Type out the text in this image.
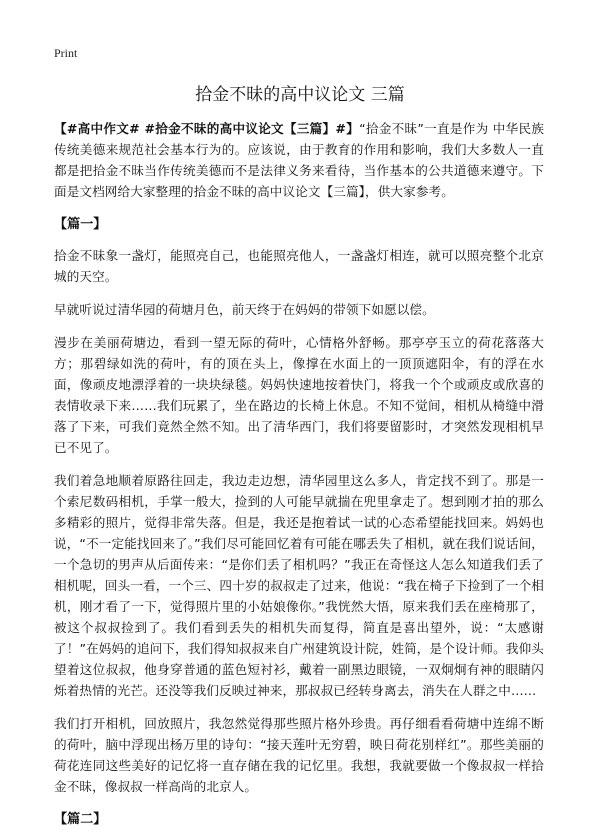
Print
拾金不昧的高中议论文 三篇

【#高中作文# #拾金不昧的高中议论文【三篇】#】“拾金不昧”一直是作为 中华民族传统美德来规范社会基本行为的。应该说，由于教育的作用和影响，我们大多数人一直都是把拾金不昧当作传统美德而不是法律义务来看待，当作基本的公共道德来遵守。下面是文档网给大家整理的拾金不昧的高中议论文【三篇】，供大家参考。

【篇一】

拾金不昧象一盏灯，能照亮自己，也能照亮他人，一盏盏灯相连，就可以照亮整个北京城的天空。

早就听说过清华园的荷塘月色，前天终于在妈妈的带领下如愿以偿。

漫步在美丽荷塘边，看到一望无际的荷叶，心情格外舒畅。那亭亭玉立的荷花落落大方；那碧绿如洗的荷叶，有的顶在头上，像撑在水面上的一顶顶遮阳伞，有的浮在水面，像顽皮地漂浮着的一块块绿毯。妈妈快速地按着快门，将我一个个或顽皮或欣喜的表情收录下来……我们玩累了，坐在路边的长椅上休息。不知不觉间，相机从椅缝中滑落了下来，可我们竟然全然不知。出了清华西门，我们将要留影时，才突然发现相机早已不见了。

我们着急地顺着原路往回走，我边走边想，清华园里这么多人，肯定找不到了。那是一个索尼数码相机，手掌一般大，捡到的人可能早就揣在兜里拿走了。想到刚才拍的那么多精彩的照片，觉得非常失落。但是，我还是抱着试一试的心态希望能找回来。妈妈也说，“不一定能找回来了。”我们尽可能回忆着有可能在哪丢失了相机，就在我们说话间，一个急切的男声从后面传来：“是你们丢了相机吗？”我正在奇怪这人怎么知道我们丢了相机呢，回头一看，一个三、四十岁的叔叔走了过来，他说：“我在椅子下捡到了一个相机，刚才看了一下，觉得照片里的小姑娘像你。”我恍然大悟，原来我们丢在座椅那了，被这个叔叔捡到了。我们看到丢失的相机失而复得，简直是喜出望外，说：“太感谢了！”在妈妈的追问下，我们得知叔叔来自广州建筑设计院，姓简，是个设计师。我仰头望着这位叔叔，他身穿普通的蓝色短衬衫，戴着一副黑边眼镜，一双炯炯有神的眼睛闪烁着热情的光芒。还没等我们反映过神来，那叔叔已经转身离去，消失在人群之中……

我们打开相机，回放照片，我忽然觉得那些照片格外珍贵。再仔细看看荷塘中连绵不断的荷叶，脑中浮现出杨万里的诗句：“接天莲叶无穷碧，映日荷花别样红”。那些美丽的荷花连同这些美好的记忆将一直存储在我的记忆里。我想，我就要做一个像叔叔一样拾金不昧，像叔叔一样高尚的北京人。

【篇二】
